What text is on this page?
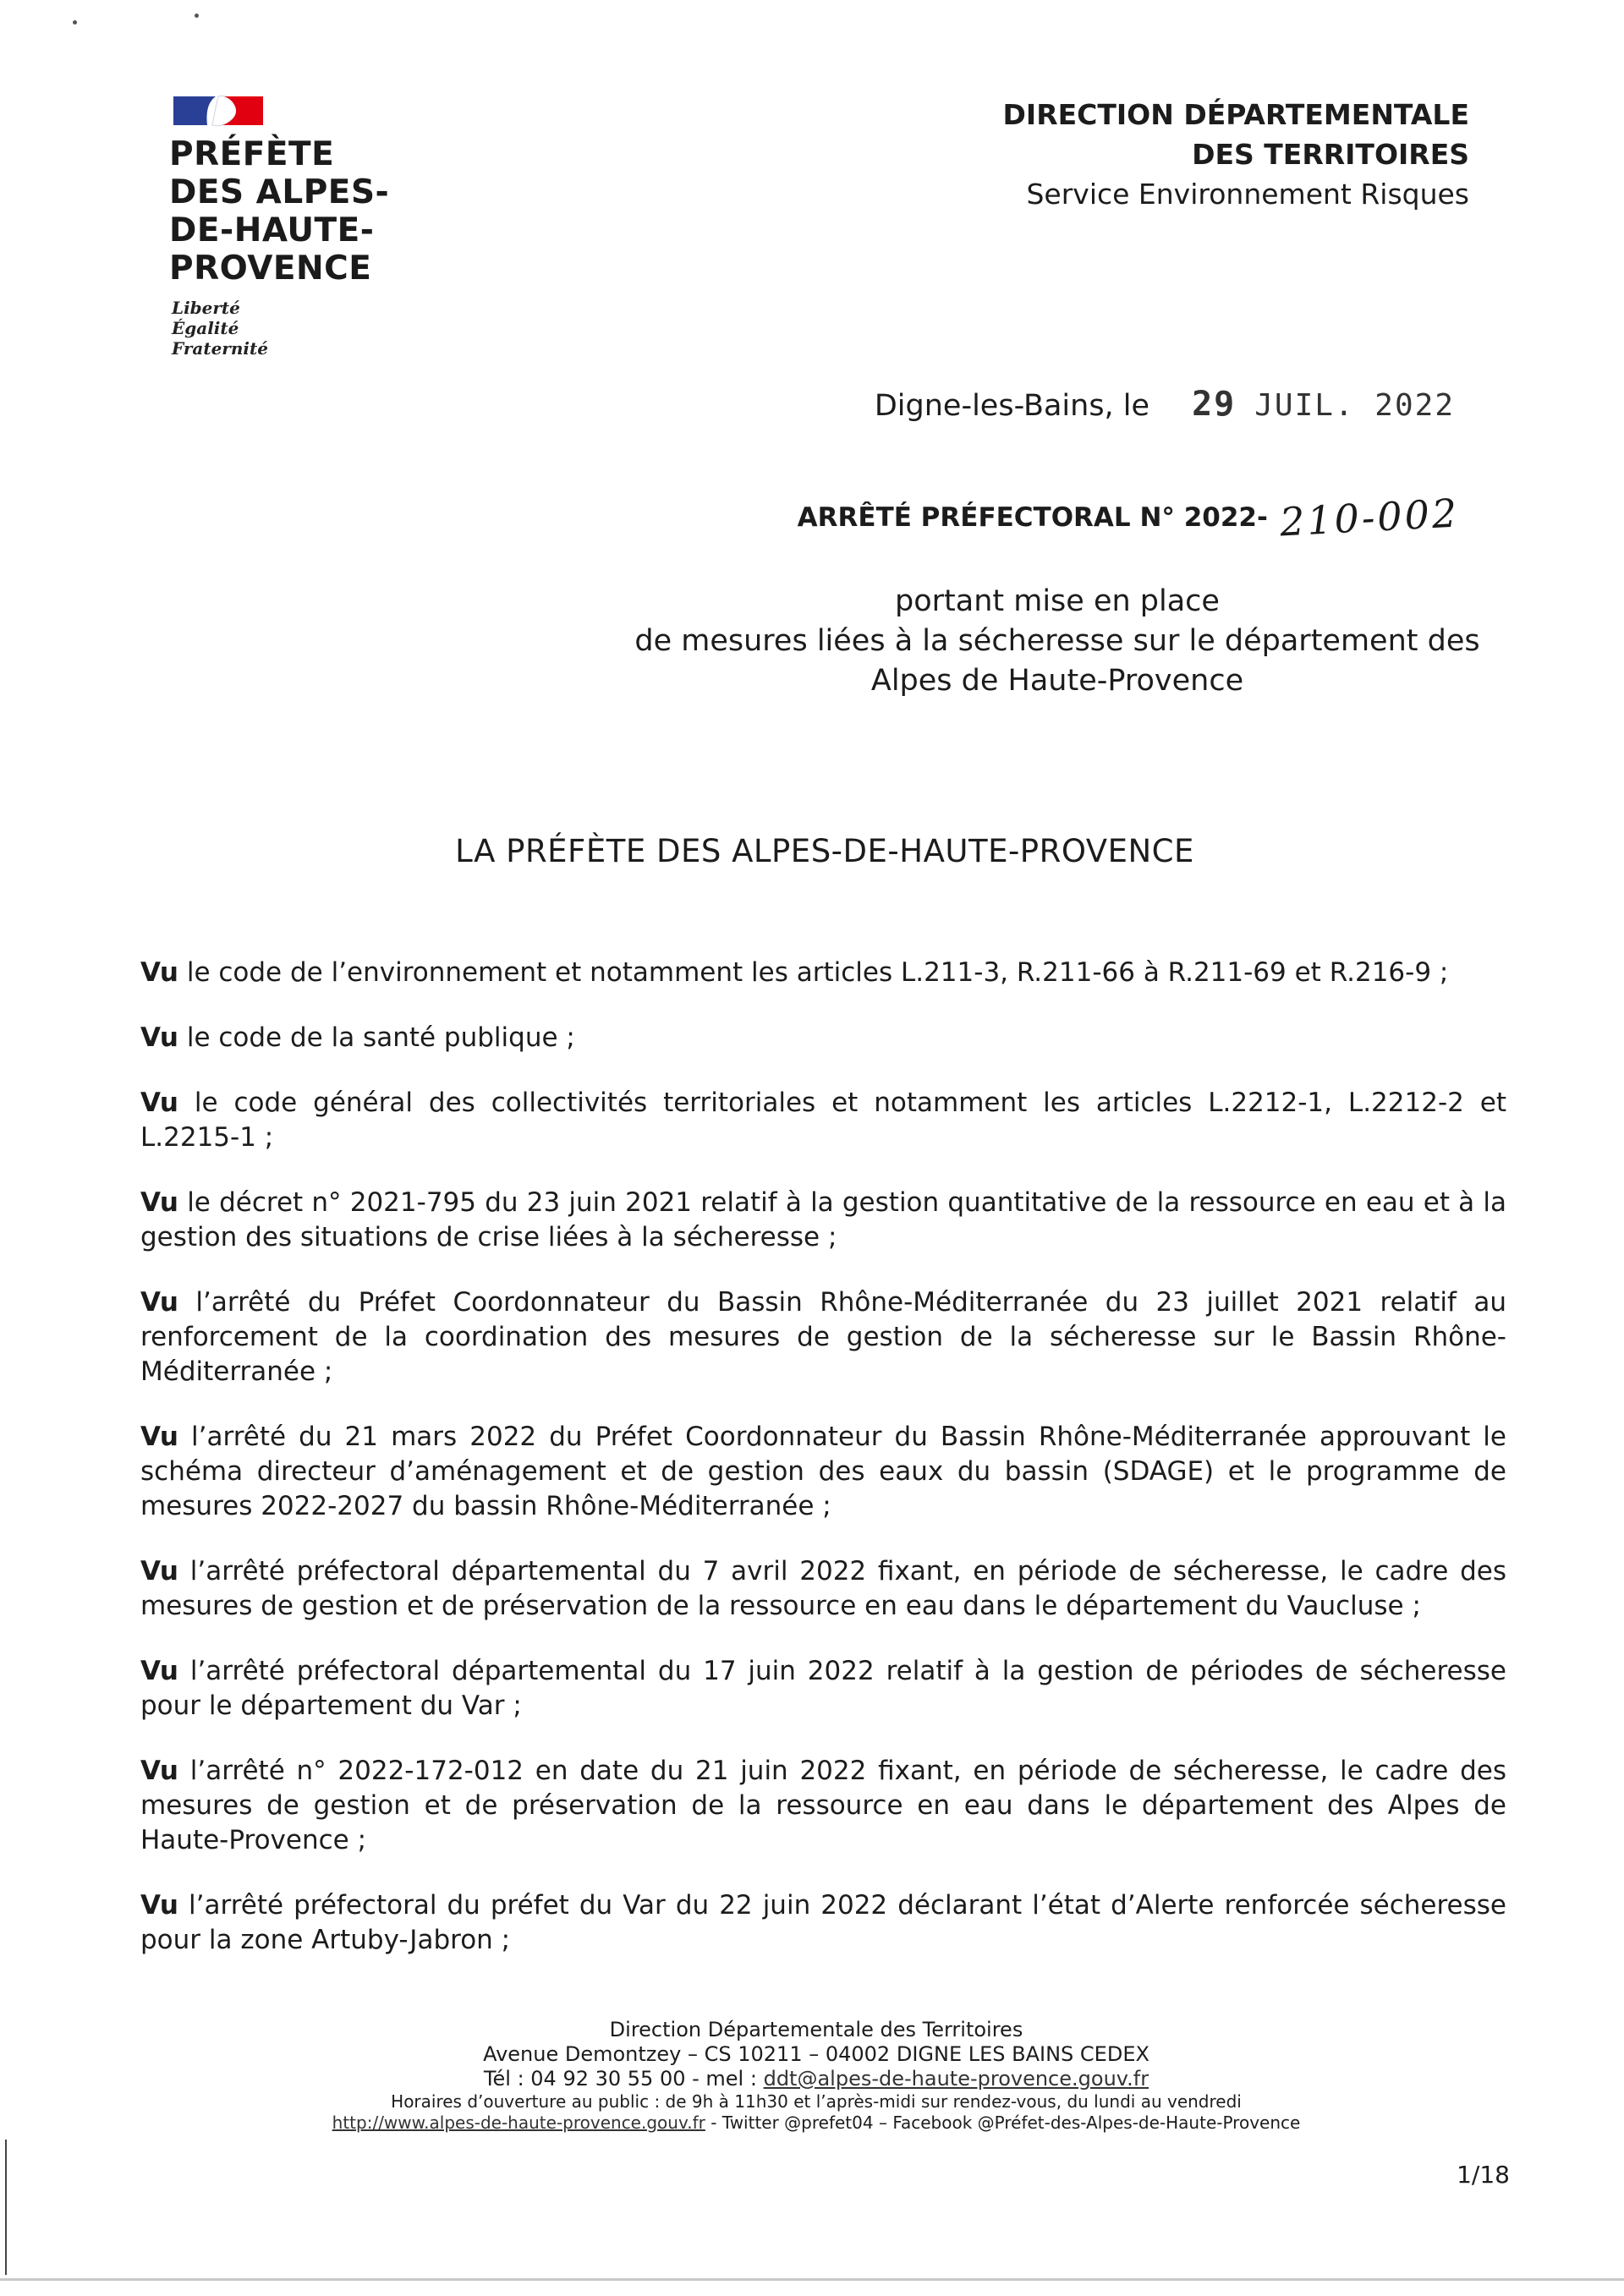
PRÉFÈTE
DES ALPES-
DE-HAUTE-
PROVENCE
Liberté
Égalité
Fraternité
DIRECTION DÉPARTEMENTALE
DES TERRITOIRES
Service Environnement Risques
Digne-les-Bains, le 29 JUIL. 2022
ARRÊTÉ PRÉFECTORAL N° 2022- 210-002
portant mise en place
de mesures liées à la sécheresse sur le département des
Alpes de Haute-Provence
LA PRÉFÈTE DES ALPES-DE-HAUTE-PROVENCE

Vu le code de l’environnement et notamment les articles L.211-3, R.211-66 à R.211-69 et R.216-9 ;

Vu le code de la santé publique ;

Vu le code général des collectivités territoriales et notamment les articles L.2212-1, L.2212-2 et L.2215-1 ;

Vu le décret n° 2021-795 du 23 juin 2021 relatif à la gestion quantitative de la ressource en eau et à la gestion des situations de crise liées à la sécheresse ;

Vu l’arrêté du Préfet Coordonnateur du Bassin Rhône-Méditerranée du 23 juillet 2021 relatif au renforcement de la coordination des mesures de gestion de la sécheresse sur le Bassin Rhône-Méditerranée ;

Vu l’arrêté du 21 mars 2022 du Préfet Coordonnateur du Bassin Rhône-Méditerranée approuvant le schéma directeur d’aménagement et de gestion des eaux du bassin (SDAGE) et le programme de mesures 2022-2027 du bassin Rhône-Méditerranée ;

Vu l’arrêté préfectoral départemental du 7 avril 2022 fixant, en période de sécheresse, le cadre des mesures de gestion et de préservation de la ressource en eau dans le département du Vaucluse ;

Vu l’arrêté préfectoral départemental du 17 juin 2022 relatif à la gestion de périodes de sécheresse pour le département du Var ;

Vu l’arrêté n° 2022-172-012 en date du 21 juin 2022 fixant, en période de sécheresse, le cadre des mesures de gestion et de préservation de la ressource en eau dans le département des Alpes de Haute-Provence ;

Vu l’arrêté préfectoral du préfet du Var du 22 juin 2022 déclarant l’état d’Alerte renforcée sécheresse pour la zone Artuby-Jabron ;

Direction Départementale des Territoires
Avenue Demontzey – CS 10211 – 04002 DIGNE LES BAINS CEDEX
Tél : 04 92 30 55 00 - mel : ddt@alpes-de-haute-provence.gouv.fr
Horaires d’ouverture au public : de 9h à 11h30 et l’après-midi sur rendez-vous, du lundi au vendredi
http://www.alpes-de-haute-provence.gouv.fr - Twitter @prefet04 – Facebook @Préfet-des-Alpes-de-Haute-Provence
1/18
